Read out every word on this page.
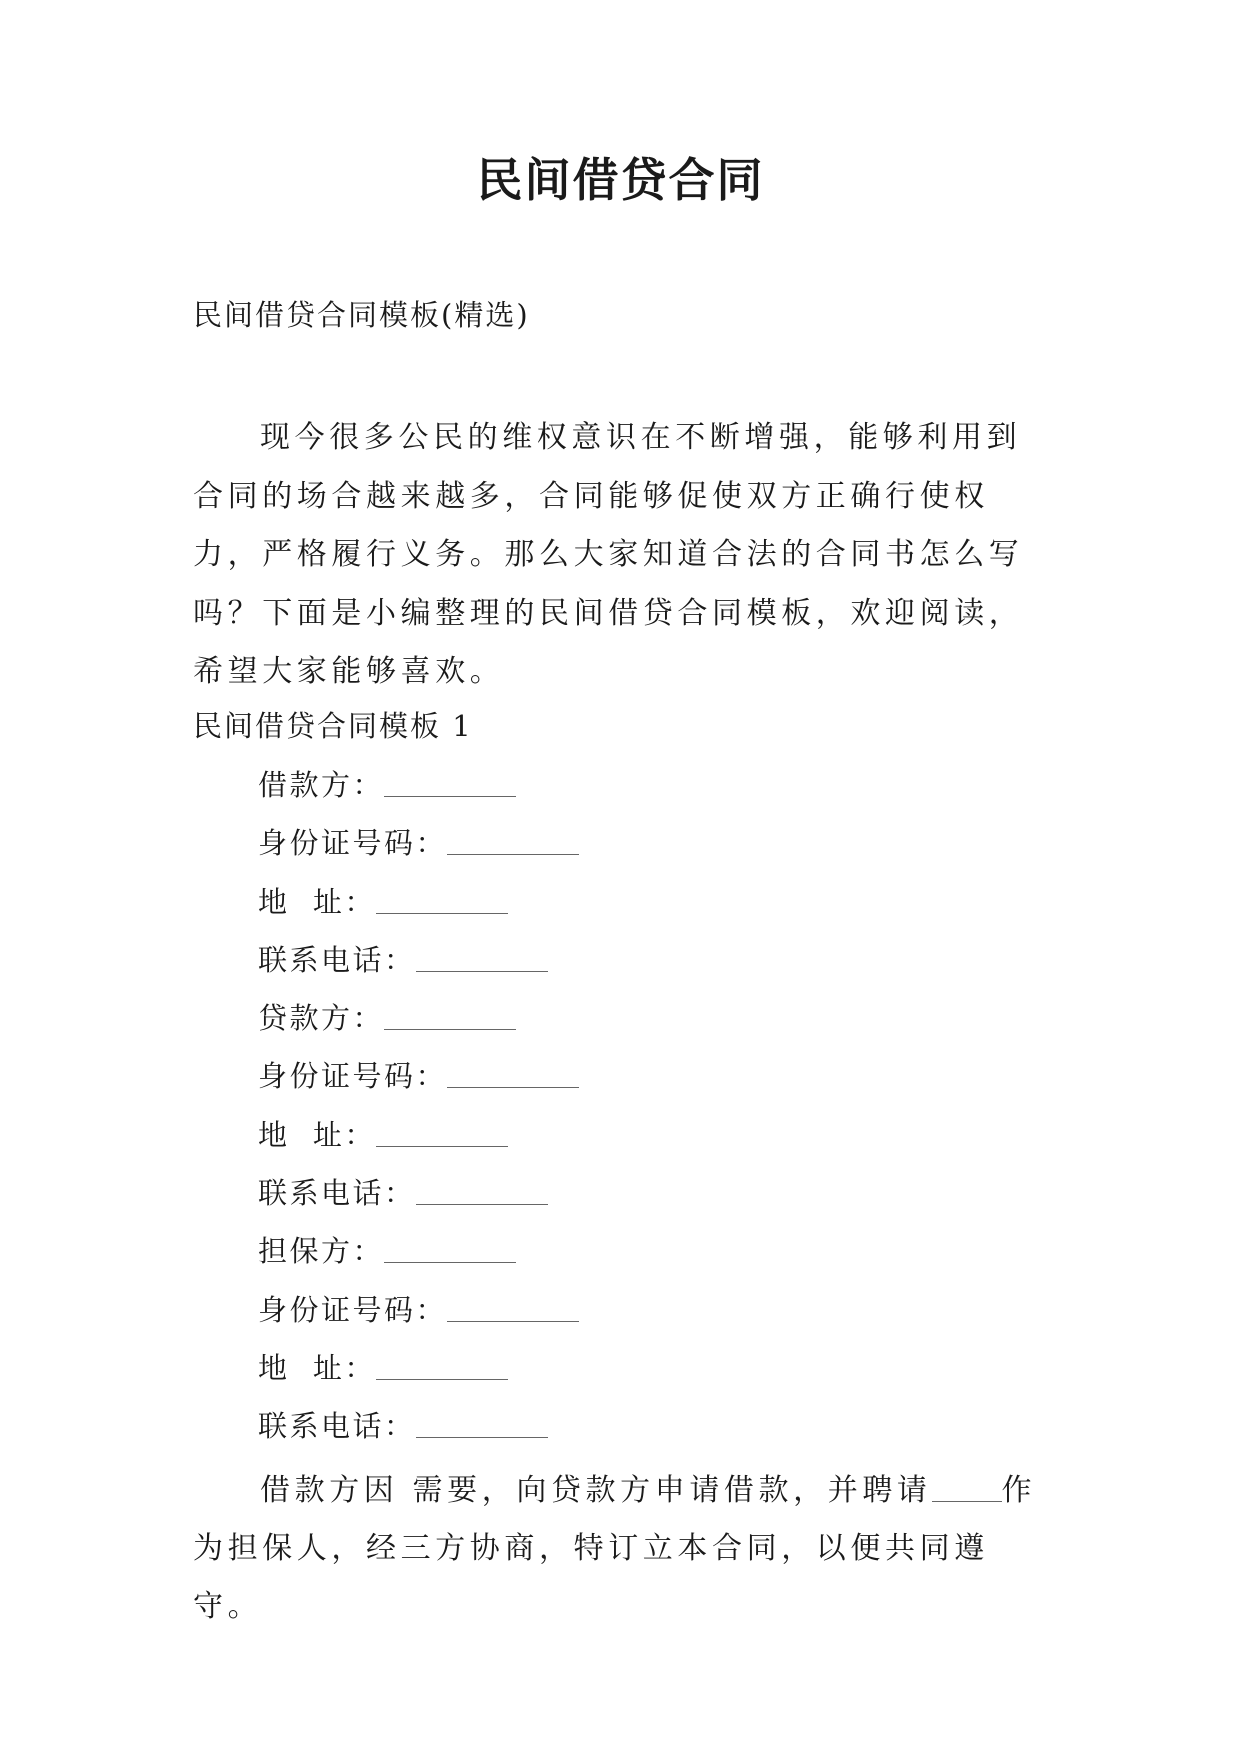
民间借贷合同
民间借贷合同模板(精选)

现今很多公民的维权意识在不断增强，能够利用到合同的场合越来越多，合同能够促使双方正确行使权力，严格履行义务。那么大家知道合法的合同书怎么写吗？下面是小编整理的民间借贷合同模板，欢迎阅读，希望大家能够喜欢。

民间借贷合同模板 1
借款方：
身份证号码：
地  址：
联系电话：
贷款方：
身份证号码：
地  址：
联系电话：
担保方：
身份证号码：
地  址：
联系电话：

借款方因 需要，向贷款方申请借款，并聘请 作为担保人，经三方协商，特订立本合同，以便共同遵守。
